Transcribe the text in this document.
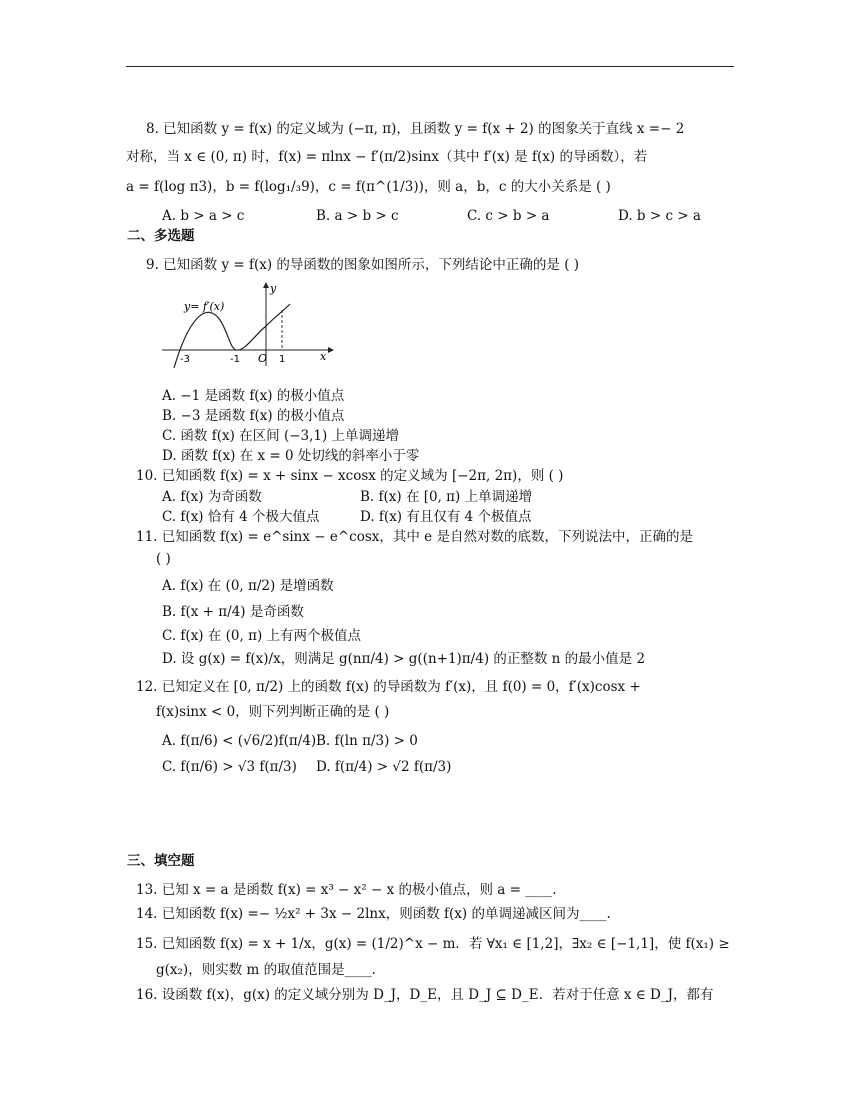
8. 已知函数 y = f(x) 的定义域为 (−π, π)，且函数 y = f(x + 2) 的图象关于直线 x =− 2
对称，当 x ∈ (0, π) 时，f(x) = πlnx − f′(π/2)sinx（其中 f′(x) 是 f(x) 的导函数），若
a = f(log π3)，b = f(log₁/₃9)，c = f(π^(1/3))，则 a，b，c 的大小关系是 ( )
A. b > a > c	B. a > b > c	C. c > b > a	D. b > c > a
二、多选题
9. 已知函数 y = f(x) 的导函数的图象如图所示，下列结论中正确的是 ( )
y= f′(x)
y
x
O
-3	-1	1
A. −1 是函数 f(x) 的极小值点
B. −3 是函数 f(x) 的极小值点
C. 函数 f(x) 在区间 (−3,1) 上单调递增
D. 函数 f(x) 在 x = 0 处切线的斜率小于零
10. 已知函数 f(x) = x + sinx − xcosx 的定义域为 [−2π, 2π)，则 ( )
A. f(x) 为奇函数	B. f(x) 在 [0, π) 上单调递增
C. f(x) 恰有 4 个极大值点	D. f(x) 有且仅有 4 个极值点
11. 已知函数 f(x) = e^sinx − e^cosx，其中 e 是自然对数的底数，下列说法中，正确的是
( )
A. f(x) 在 (0, π/2) 是增函数
B. f(x + π/4) 是奇函数
C. f(x) 在 (0, π) 上有两个极值点
D. 设 g(x) = f(x)/x，则满足 g(nπ/4) > g((n+1)π/4) 的正整数 n 的最小值是 2
12. 已知定义在 [0, π/2) 上的函数 f(x) 的导函数为 f′(x)，且 f(0) = 0，f′(x)cosx +
f(x)sinx < 0，则下列判断正确的是 ( )
A. f(π/6) < (√6/2)f(π/4) B. f(ln π/3) > 0
C. f(π/6) > √3 f(π/3) D. f(π/4) > √2 f(π/3)
三、填空题
13. 已知 x = a 是函数 f(x) = x³ − x² − x 的极小值点，则 a = ____.
14. 已知函数 f(x) =− ½x² + 3x − 2lnx，则函数 f(x) 的单调递减区间为____.
15. 已知函数 f(x) = x + 1/x，g(x) = (1/2)^x − m．若 ∀x₁ ∈ [1,2]，∃x₂ ∈ [−1,1]，使 f(x₁) ≥
g(x₂)，则实数 m 的取值范围是____.
16. 设函数 f(x)，g(x) 的定义域分别为 D_J，D_E，且 D_J ⊆ D_E．若对于任意 x ∈ D_J，都有
